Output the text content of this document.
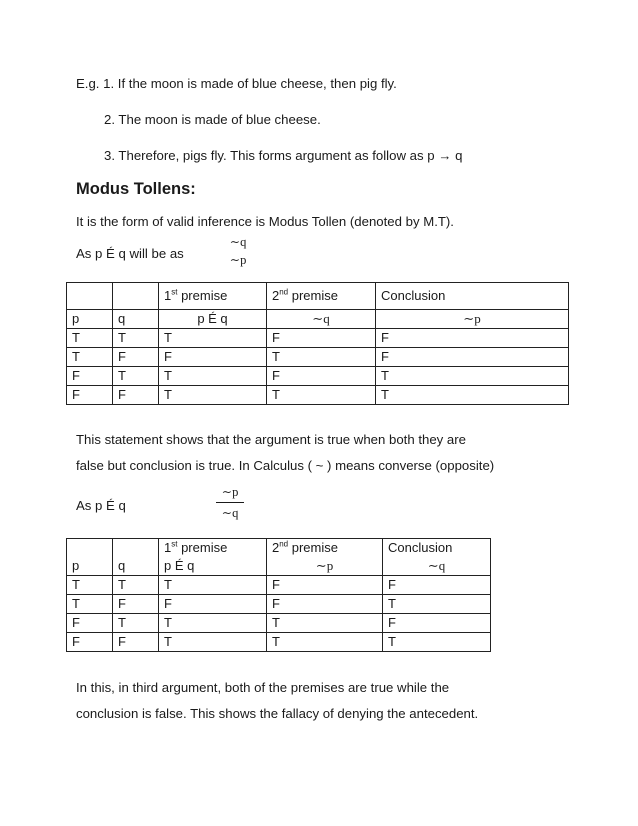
E.g. 1. If the moon is made of blue cheese, then pig fly.
2. The moon is made of blue cheese.
3. Therefore, pigs fly. This forms argument as follow as p → q
Modus Tollens:
It is the form of valid inference is Modus Tollen (denoted by M.T).
As p É q will be as
∼q
∼p
		1st premise	2nd premise	Conclusion
p	q	p É q	∼q	∼p
T	T	T	F	F
T	F	F	T	F
F	T	T	F	T
F	F	T	T	T
This statement shows that the argument is true when both they are
false but conclusion is true. In Calculus ( ~ ) means converse (opposite)
As p É q
∼p
∼q
		1st premise	2nd premise	Conclusion
p	q	p É q	∼p	∼q
T	T	T	F	F
T	F	F	F	T
F	T	T	T	F
F	F	T	T	T
In this, in third argument, both of the premises are true while the
conclusion is false. This shows the fallacy of denying the antecedent.
